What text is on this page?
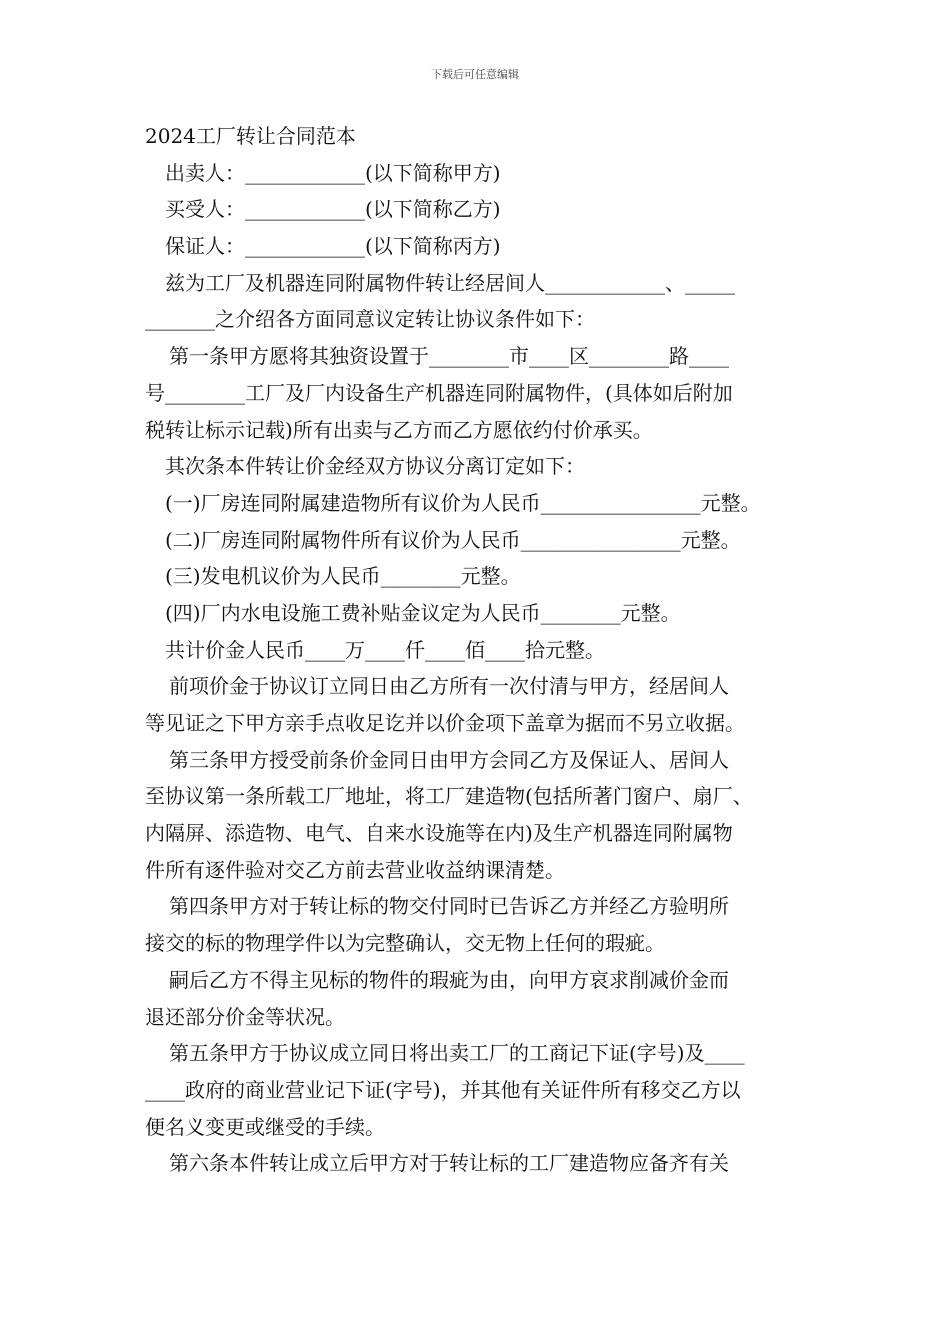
下载后可任意编辑
2024工厂转让合同范本
出卖人：____________(以下简称甲方)
买受人：____________(以下简称乙方)
保证人：____________(以下简称丙方)
兹为工厂及机器连同附属物件转让经居间人____________、_____
_______之介绍各方面同意议定转让协议条件如下：
第一条甲方愿将其独资设置于________市____区________路____
号________工厂及厂内设备生产机器连同附属物件，(具体如后附加
税转让标示记载)所有出卖与乙方而乙方愿依约付价承买。
其次条本件转让价金经双方协议分离订定如下：
(一)厂房连同附属建造物所有议价为人民币________________元整。
(二)厂房连同附属物件所有议价为人民币________________元整。
(三)发电机议价为人民币________元整。
(四)厂内水电设施工费补贴金议定为人民币________元整。
共计价金人民币____万____仟____佰____拾元整。
前项价金于协议订立同日由乙方所有一次付清与甲方，经居间人
等见证之下甲方亲手点收足讫并以价金项下盖章为据而不另立收据。
第三条甲方授受前条价金同日由甲方会同乙方及保证人、居间人
至协议第一条所载工厂地址，将工厂建造物(包括所著门窗户、扇厂、
内隔屏、添造物、电气、自来水设施等在内)及生产机器连同附属物
件所有逐件验对交乙方前去营业收益纳课清楚。
第四条甲方对于转让标的物交付同时已告诉乙方并经乙方验明所
接交的标的物理学件以为完整确认，交无物上任何的瑕疵。
嗣后乙方不得主见标的物件的瑕疵为由，向甲方哀求削减价金而
退还部分价金等状况。
第五条甲方于协议成立同日将出卖工厂的工商记下证(字号)及____
____政府的商业营业记下证(字号)，并其他有关证件所有移交乙方以
便名义变更或继受的手续。
第六条本件转让成立后甲方对于转让标的工厂建造物应备齐有关
